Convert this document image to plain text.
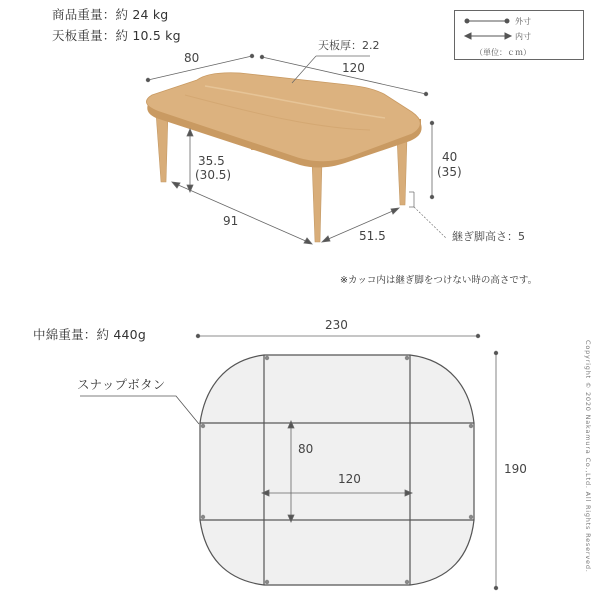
商品重量：約 24 kg
天板重量：約 10.5 kg
外寸
内寸
（単位：ｃｍ）
80
120
天板厚：2.2
35.5
(30.5)
40
(35)
91
51.5	継ぎ脚高さ：5
※カッコ内は継ぎ脚をつけない時の高さです。
中綿重量：約 440g
スナップボタン
230
190
80
120	Copyright © 2020 Nakamura Co.,Ltd. All Rights Reserved.
